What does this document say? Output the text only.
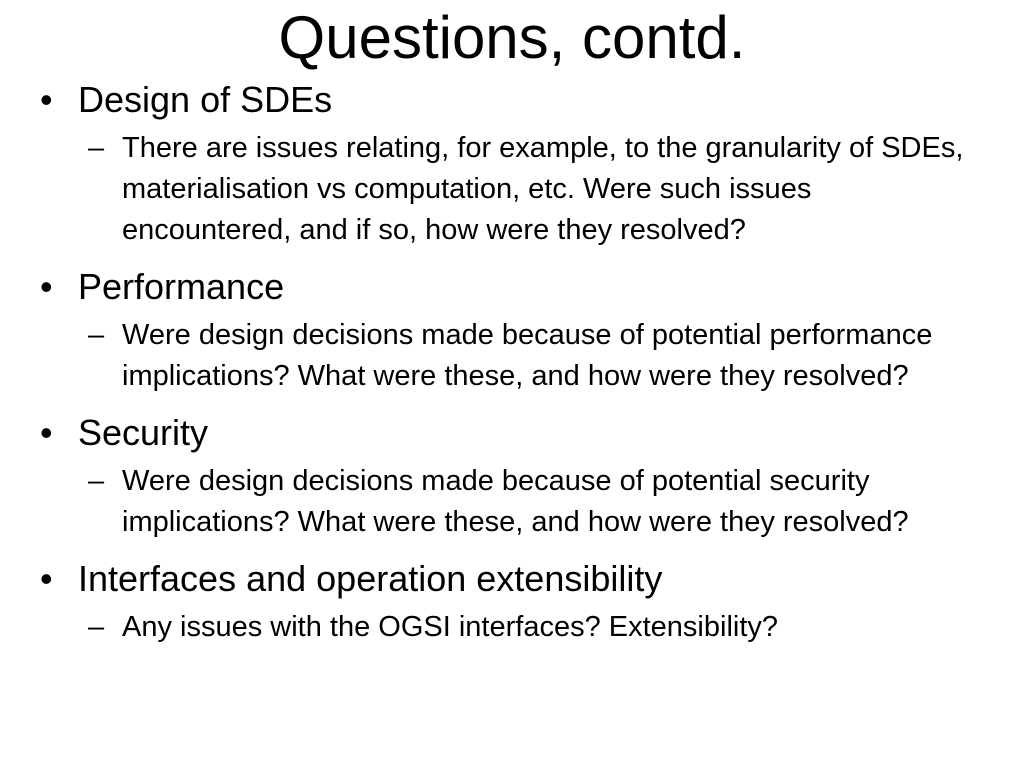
Questions, contd.
• Design of SDEs
– There are issues relating, for example, to the granularity of SDEs, materialisation vs computation, etc. Were such issues encountered, and if so, how were they resolved?
• Performance
– Were design decisions made because of potential performance implications? What were these, and how were they resolved?
• Security
– Were design decisions made because of potential security implications? What were these, and how were they resolved?
• Interfaces and operation extensibility
– Any issues with the OGSI interfaces? Extensibility?
